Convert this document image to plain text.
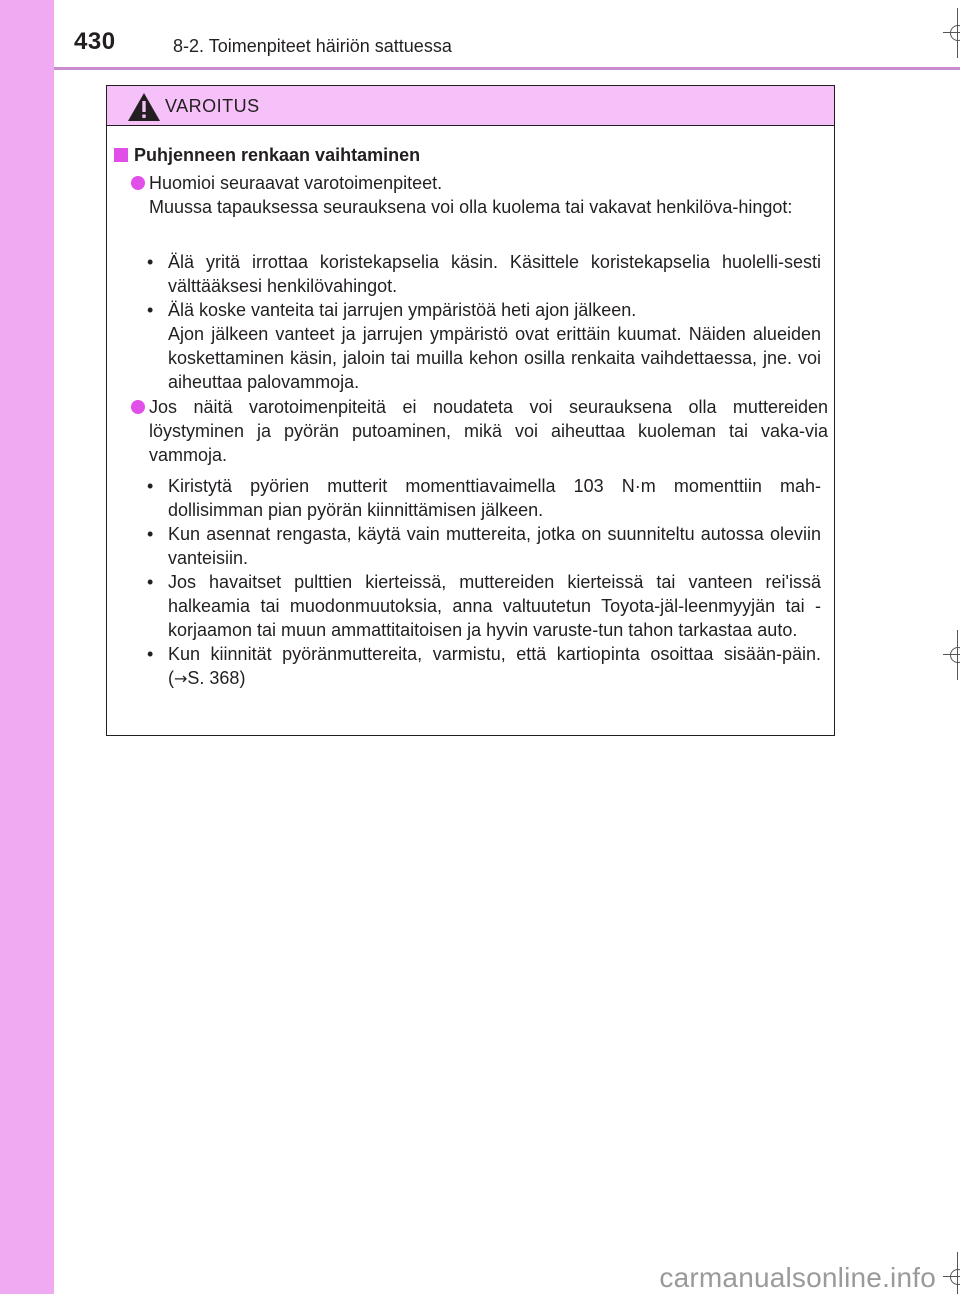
430	8-2. Toimenpiteet häiriön sattuessa
VAROITUS
Puhjenneen renkaan vaihtaminen
Huomioi seuraavat varotoimenpiteet.
Muussa tapauksessa seurauksena voi olla kuolema tai vakavat henkilöva-hingot:
• Älä yritä irrottaa koristekapselia käsin. Käsittele koristekapselia huolelli-sesti välttääksesi henkilövahingot.
• Älä koske vanteita tai jarrujen ympäristöä heti ajon jälkeen.
Ajon jälkeen vanteet ja jarrujen ympäristö ovat erittäin kuumat. Näiden alueiden koskettaminen käsin, jaloin tai muilla kehon osilla renkaita vaihdettaessa, jne. voi aiheuttaa palovammoja.
Jos näitä varotoimenpiteitä ei noudateta voi seurauksena olla muttereiden löystyminen ja pyörän putoaminen, mikä voi aiheuttaa kuoleman tai vaka-via vammoja.
• Kiristytä pyörien mutterit momenttiavaimella 103 N·m momenttiin mah-dollisimman pian pyörän kiinnittämisen jälkeen.
• Kun asennat rengasta, käytä vain muttereita, jotka on suunniteltu autossa oleviin vanteisiin.
• Jos havaitset pulttien kierteissä, muttereiden kierteissä tai vanteen rei'issä halkeamia tai muodonmuutoksia, anna valtuutetun Toyota-jäl-leenmyyjän tai -korjaamon tai muun ammattitaitoisen ja hyvin varuste-tun tahon tarkastaa auto.
• Kun kiinnität pyöränmuttereita, varmistu, että kartiopinta osoittaa sisään-päin. (→S. 368)
carmanualsonline.info
